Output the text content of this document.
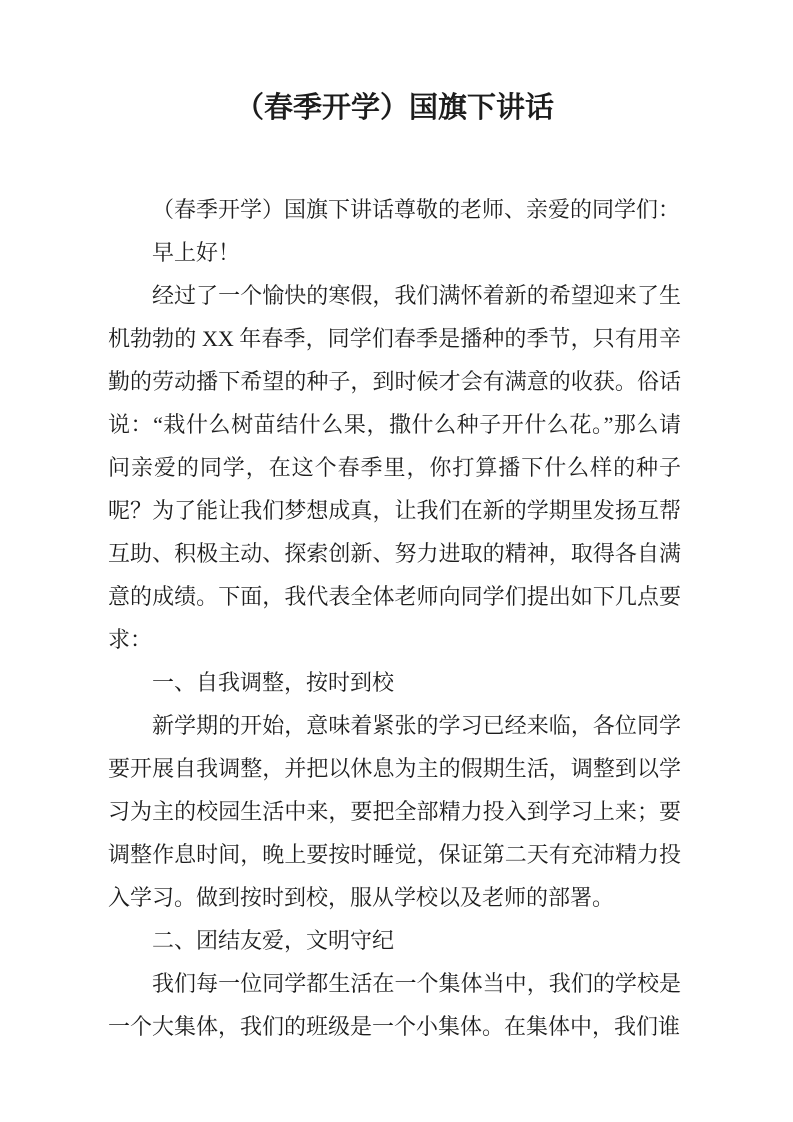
（春季开学）国旗下讲话

（春季开学）国旗下讲话尊敬的老师、亲爱的同学们：

早上好！

经过了一个愉快的寒假，我们满怀着新的希望迎来了生机勃勃的 XX 年春季，同学们春季是播种的季节，只有用辛勤的劳动播下希望的种子，到时候才会有满意的收获。俗话说：“栽什么树苗结什么果，撒什么种子开什么花。”那么请问亲爱的同学，在这个春季里，你打算播下什么样的种子呢？为了能让我们梦想成真，让我们在新的学期里发扬互帮互助、积极主动、探索创新、努力进取的精神，取得各自满意的成绩。下面，我代表全体老师向同学们提出如下几点要求：

一、自我调整，按时到校

新学期的开始，意味着紧张的学习已经来临，各位同学要开展自我调整，并把以休息为主的假期生活，调整到以学习为主的校园生活中来，要把全部精力投入到学习上来；要调整作息时间，晚上要按时睡觉，保证第二天有充沛精力投入学习。做到按时到校，服从学校以及老师的部署。

二、团结友爱，文明守纪

我们每一位同学都生活在一个集体当中，我们的学校是一个大集体，我们的班级是一个小集体。在集体中，我们谁
